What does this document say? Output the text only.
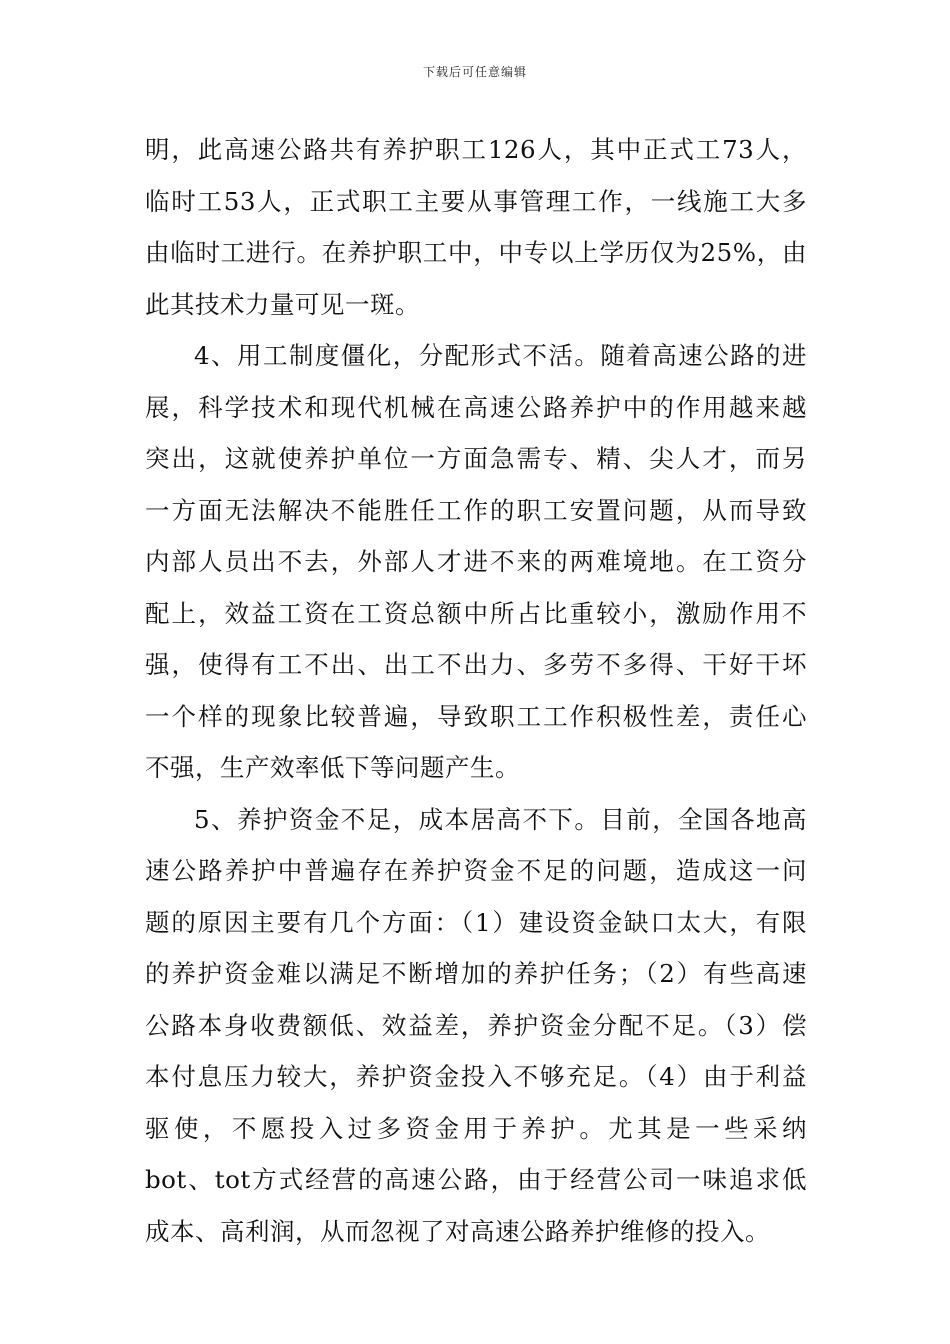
下载后可任意编辑
明，此高速公路共有养护职工126人，其中正式工73人，
临时工53人，正式职工主要从事管理工作，一线施工大多
由临时工进行。在养护职工中，中专以上学历仅为25%，由
此其技术力量可见一斑。
4、用工制度僵化，分配形式不活。随着高速公路的进
展，科学技术和现代机械在高速公路养护中的作用越来越
突出，这就使养护单位一方面急需专、精、尖人才，而另
一方面无法解决不能胜任工作的职工安置问题，从而导致
内部人员出不去，外部人才进不来的两难境地。在工资分
配上，效益工资在工资总额中所占比重较小，激励作用不
强，使得有工不出、出工不出力、多劳不多得、干好干坏
一个样的现象比较普遍，导致职工工作积极性差，责任心
不强，生产效率低下等问题产生。
5、养护资金不足，成本居高不下。目前，全国各地高
速公路养护中普遍存在养护资金不足的问题，造成这一问
题的原因主要有几个方面：（1）建设资金缺口太大，有限
的养护资金难以满足不断增加的养护任务；（2）有些高速
公路本身收费额低、效益差，养护资金分配不足。（3）偿
本付息压力较大，养护资金投入不够充足。（4）由于利益
驱使，不愿投入过多资金用于养护。尤其是一些采纳
bot、tot方式经营的高速公路，由于经营公司一味追求低
成本、高利润，从而忽视了对高速公路养护维修的投入。
